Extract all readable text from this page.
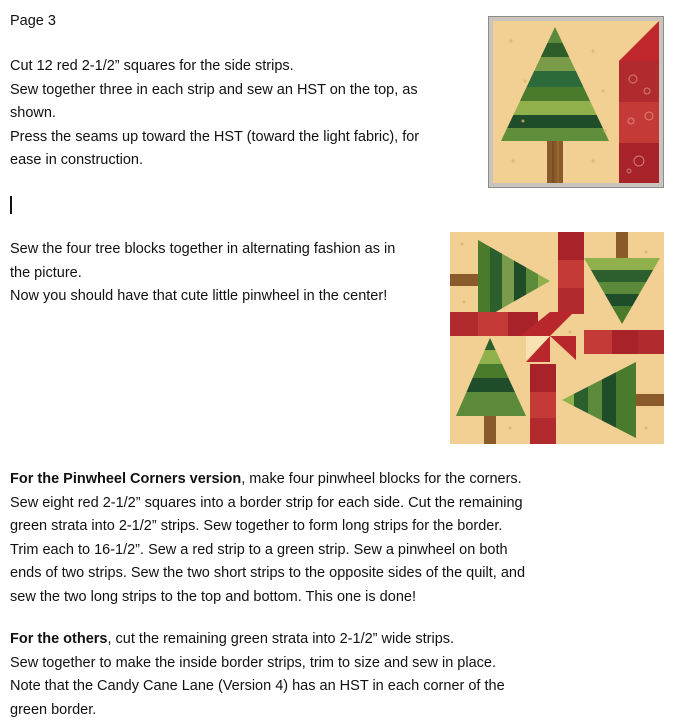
Page 3

Cut 12 red 2-1/2” squares for the side strips.

Sew together three in each strip and sew an HST on the top, as

shown.

Press the seams up toward the HST (toward the light fabric), for

ease in construction.

Sew the four tree blocks together in alternating fashion as in

the picture.

Now you should have that cute little pinwheel in the center!

For the Pinwheel Corners version, make four pinwheel blocks for the corners.

Sew eight red 2-1/2” squares into a border strip for each side. Cut the remaining

green strata into 2-1/2” strips. Sew together to form long strips for the border.

Trim each to 16-1/2”. Sew a red strip to a green strip. Sew a pinwheel on both

ends of two strips. Sew the two short strips to the opposite sides of the quilt, and

sew the two long strips to the top and bottom. This one is done!

For the others, cut the remaining green strata into 2-1/2” wide strips.

Sew together to make the inside border strips, trim to size and sew in place.

Note that the Candy Cane Lane (Version 4) has an HST in each corner of the

green border.
